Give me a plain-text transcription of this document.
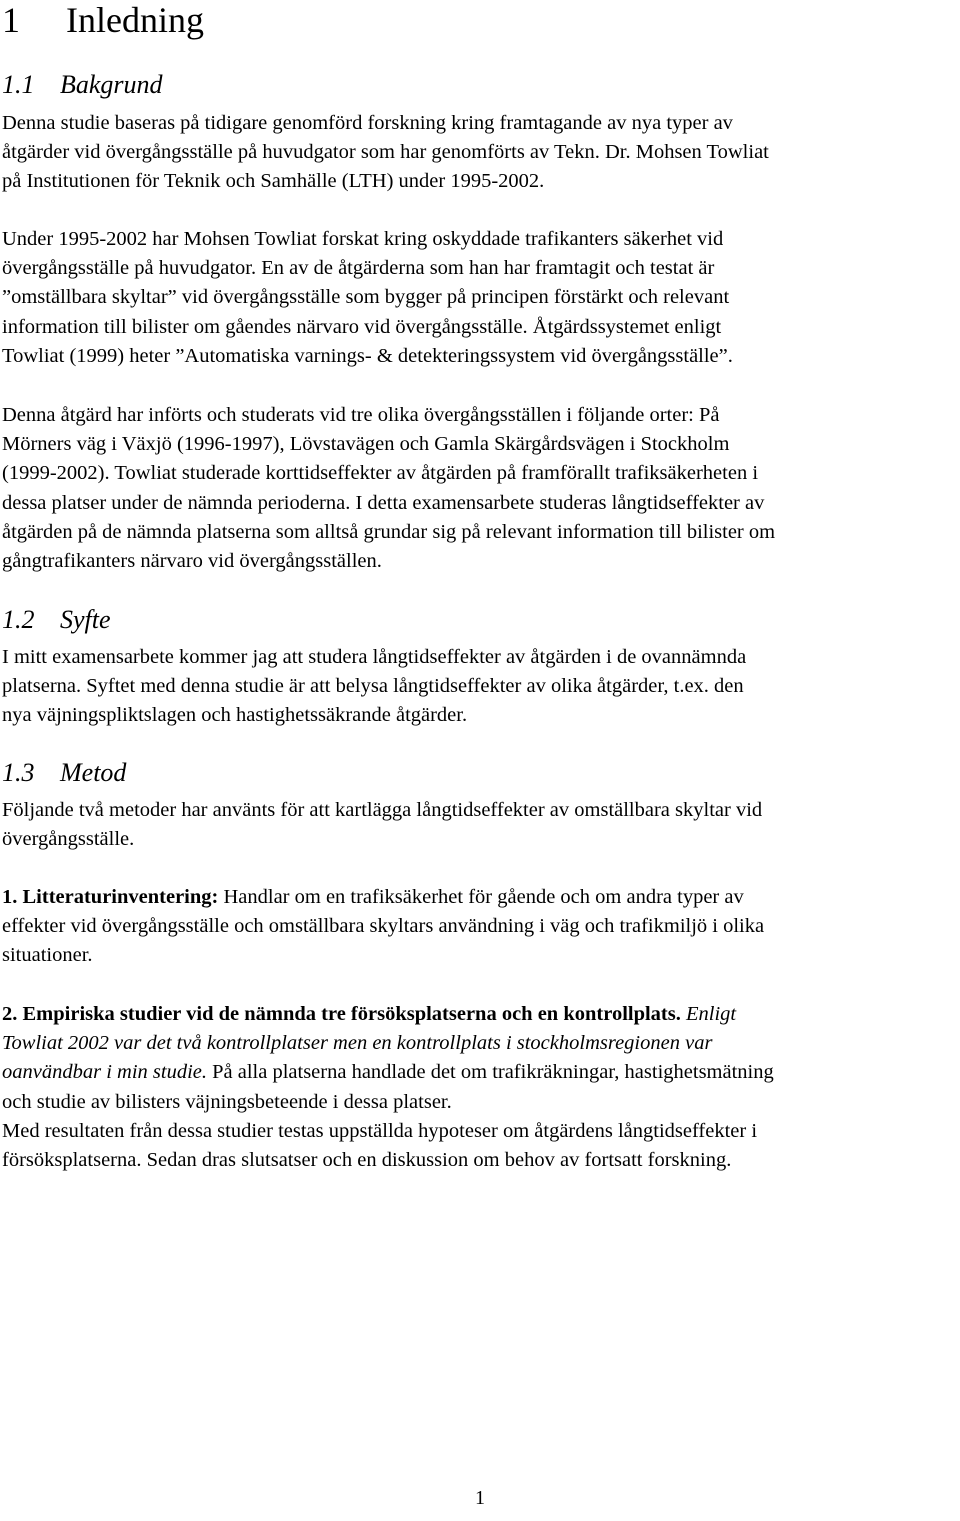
1 Inledning
1.1 Bakgrund

Denna studie baseras på tidigare genomförd forskning kring framtagande av nya typer av
åtgärder vid övergångsställe på huvudgator som har genomförts av Tekn. Dr. Mohsen Towliat
på Institutionen för Teknik och Samhälle (LTH) under 1995-2002.

Under 1995-2002 har Mohsen Towliat forskat kring oskyddade trafikanters säkerhet vid
övergångsställe på huvudgator. En av de åtgärderna som han har framtagit och testat är
”omställbara skyltar” vid övergångsställe som bygger på principen förstärkt och relevant
information till bilister om gåendes närvaro vid övergångsställe. Åtgärdssystemet enligt
Towliat (1999) heter ”Automatiska varnings- & detekteringssystem vid övergångsställe”.

Denna åtgärd har införts och studerats vid tre olika övergångsställen i följande orter: På
Mörners väg i Växjö (1996-1997), Lövstavägen och Gamla Skärgårdsvägen i Stockholm
(1999-2002). Towliat studerade korttidseffekter av åtgärden på framförallt trafiksäkerheten i
dessa platser under de nämnda perioderna. I detta examensarbete studeras långtidseffekter av
åtgärden på de nämnda platserna som alltså grundar sig på relevant information till bilister om
gångtrafikanters närvaro vid övergångsställen.

1.2 Syfte

I mitt examensarbete kommer jag att studera långtidseffekter av åtgärden i de ovannämnda
platserna. Syftet med denna studie är att belysa långtidseffekter av olika åtgärder, t.ex. den
nya väjningspliktslagen och hastighetssäkrande åtgärder.

1.3 Metod

Följande två metoder har använts för att kartlägga långtidseffekter av omställbara skyltar vid
övergångsställe.

1. Litteraturinventering: Handlar om en trafiksäkerhet för gående och om andra typer av
effekter vid övergångsställe och omställbara skyltars användning i väg och trafikmiljö i olika
situationer.

2. Empiriska studier vid de nämnda tre försöksplatserna och en kontrollplats. Enligt
Towliat 2002 var det två kontrollplatser men en kontrollplats i stockholmsregionen var
oanvändbar i min studie. På alla platserna handlade det om trafikräkningar, hastighetsmätning
och studie av bilisters väjningsbeteende i dessa platser.
Med resultaten från dessa studier testas uppställda hypoteser om åtgärdens långtidseffekter i
försöksplatserna. Sedan dras slutsatser och en diskussion om behov av fortsatt forskning.

1
